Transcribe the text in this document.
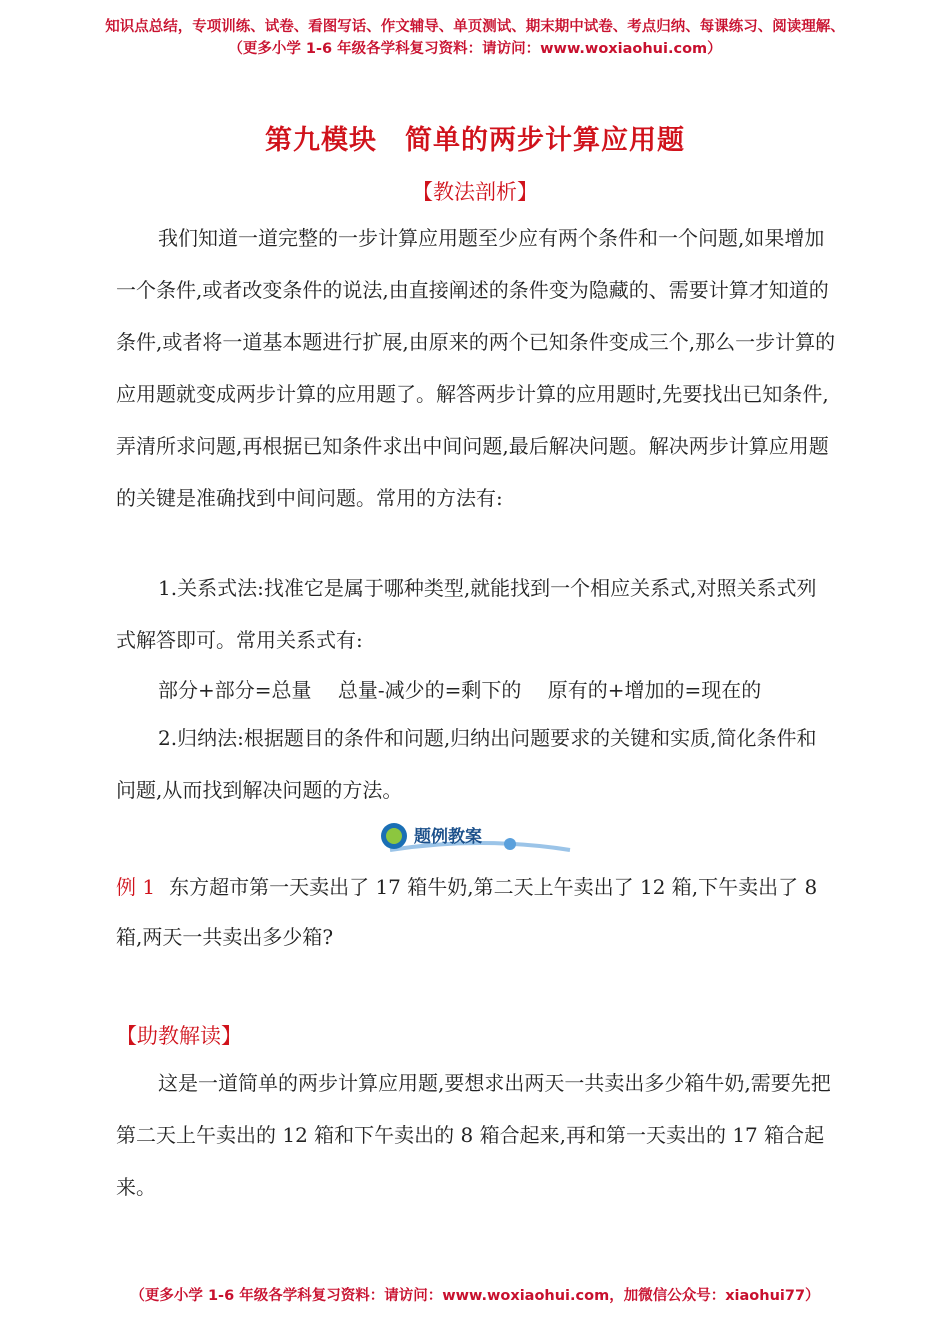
知识点总结，专项训练、试卷、看图写话、作文辅导、单页测试、期末期中试卷、考点归纳、每课练习、阅读理解、
（更多小学 1-6 年级各学科复习资料：请访问：www.woxiaohui.com）
第九模块　简单的两步计算应用题
【教法剖析】

我们知道一道完整的一步计算应用题至少应有两个条件和一个问题,如果增加一个条件,或者改变条件的说法,由直接阐述的条件变为隐藏的、需要计算才知道的条件,或者将一道基本题进行扩展,由原来的两个已知条件变成三个,那么一步计算的应用题就变成两步计算的应用题了。解答两步计算的应用题时,先要找出已知条件,弄清所求问题,再根据已知条件求出中间问题,最后解决问题。解决两步计算应用题的关键是准确找到中间问题。常用的方法有:

1.关系式法:找准它是属于哪种类型,就能找到一个相应关系式,对照关系式列式解答即可。常用关系式有:

部分+部分=总量　 总量-减少的=剩下的　 原有的+增加的=现在的

2.归纳法:根据题目的条件和问题,归纳出问题要求的关键和实质,简化条件和问题,从而找到解决问题的方法。

题例教案

例 1 东方超市第一天卖出了 17 箱牛奶,第二天上午卖出了 12 箱,下午卖出了 8 箱,两天一共卖出多少箱?

【助教解读】

这是一道简单的两步计算应用题,要想求出两天一共卖出多少箱牛奶,需要先把第二天上午卖出的 12 箱和下午卖出的 8 箱合起来,再和第一天卖出的 17 箱合起来。

（更多小学 1-6 年级各学科复习资料：请访问：www.woxiaohui.com，加微信公众号：xiaohui77）
